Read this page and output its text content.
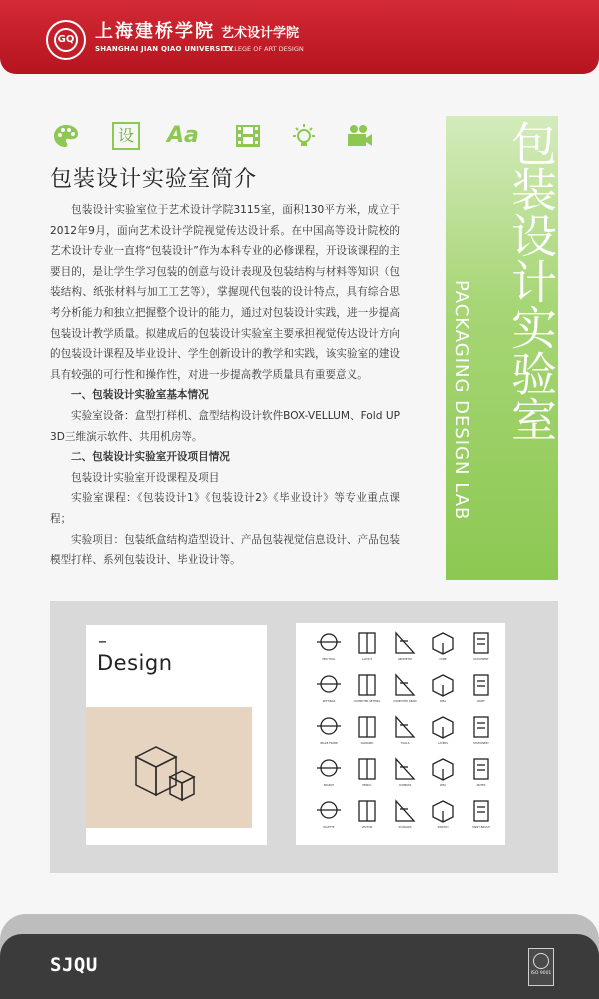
GQ 上海建桥学院 艺术设计学院
SHANGHAI JIAN QIAO UNIVERSITY
COLLEGE OF ART DESIGN
设 Aa
包装设计实验室简介

包装设计实验室位于艺术设计学院3115室，面积130平方米，成立于2012年9月，面向艺术设计学院视觉传达设计系。在中国高等设计院校的艺术设计专业一直将“包装设计”作为本科专业的必修课程，开设该课程的主要目的，是让学生学习包装的创意与设计表现及包装结构与材料等知识（包装结构、纸张材料与加工工艺等），掌握现代包装的设计特点，具有综合思考分析能力和独立把握整个设计的能力，通过对包装设计实践，进一步提高包装设计教学质量。拟建成后的包装设计实验室主要承担视觉传达设计方向的包装设计课程及毕业设计、学生创新设计的教学和实践，该实验室的建设具有较强的可行性和操作性，对进一步提高教学质量具有重要意义。

一、包装设计实验室基本情况

实验室设备：盒型打样机、盒型结构设计软件BOX-VELLUM、Fold UP 3D三维演示软件、共用机房等。

二、包装设计实验室开设项目情况

包装设计实验室开设课程及项目

实验室课程：《包装设计1》《包装设计2》《毕业设计》等专业重点课程；

实验项目：包装纸盒结构造型设计、产品包装视觉信息设计、产品包装模型打样、系列包装设计、毕业设计等。

包装设计实验室
PACKAGING DESIGN LAB
–
Design	PEN TOOL	LAYOUT	GEOMETRY	CUBE	DOCUMENT
SETTINGS	COMPUTER SETTING	COMPUTER DRAW	IDEA	PAINT
IMAGE FRAME	DIAMOND	TOOLS	LAYERS	STATIONERY
SEARCH	PENCIL	COMPASS	IDEA	NOTES
PALETTE	VECTOR	SCISSORS	SWATCH	PAINT BRUSH
SJQU	ISO 9001
